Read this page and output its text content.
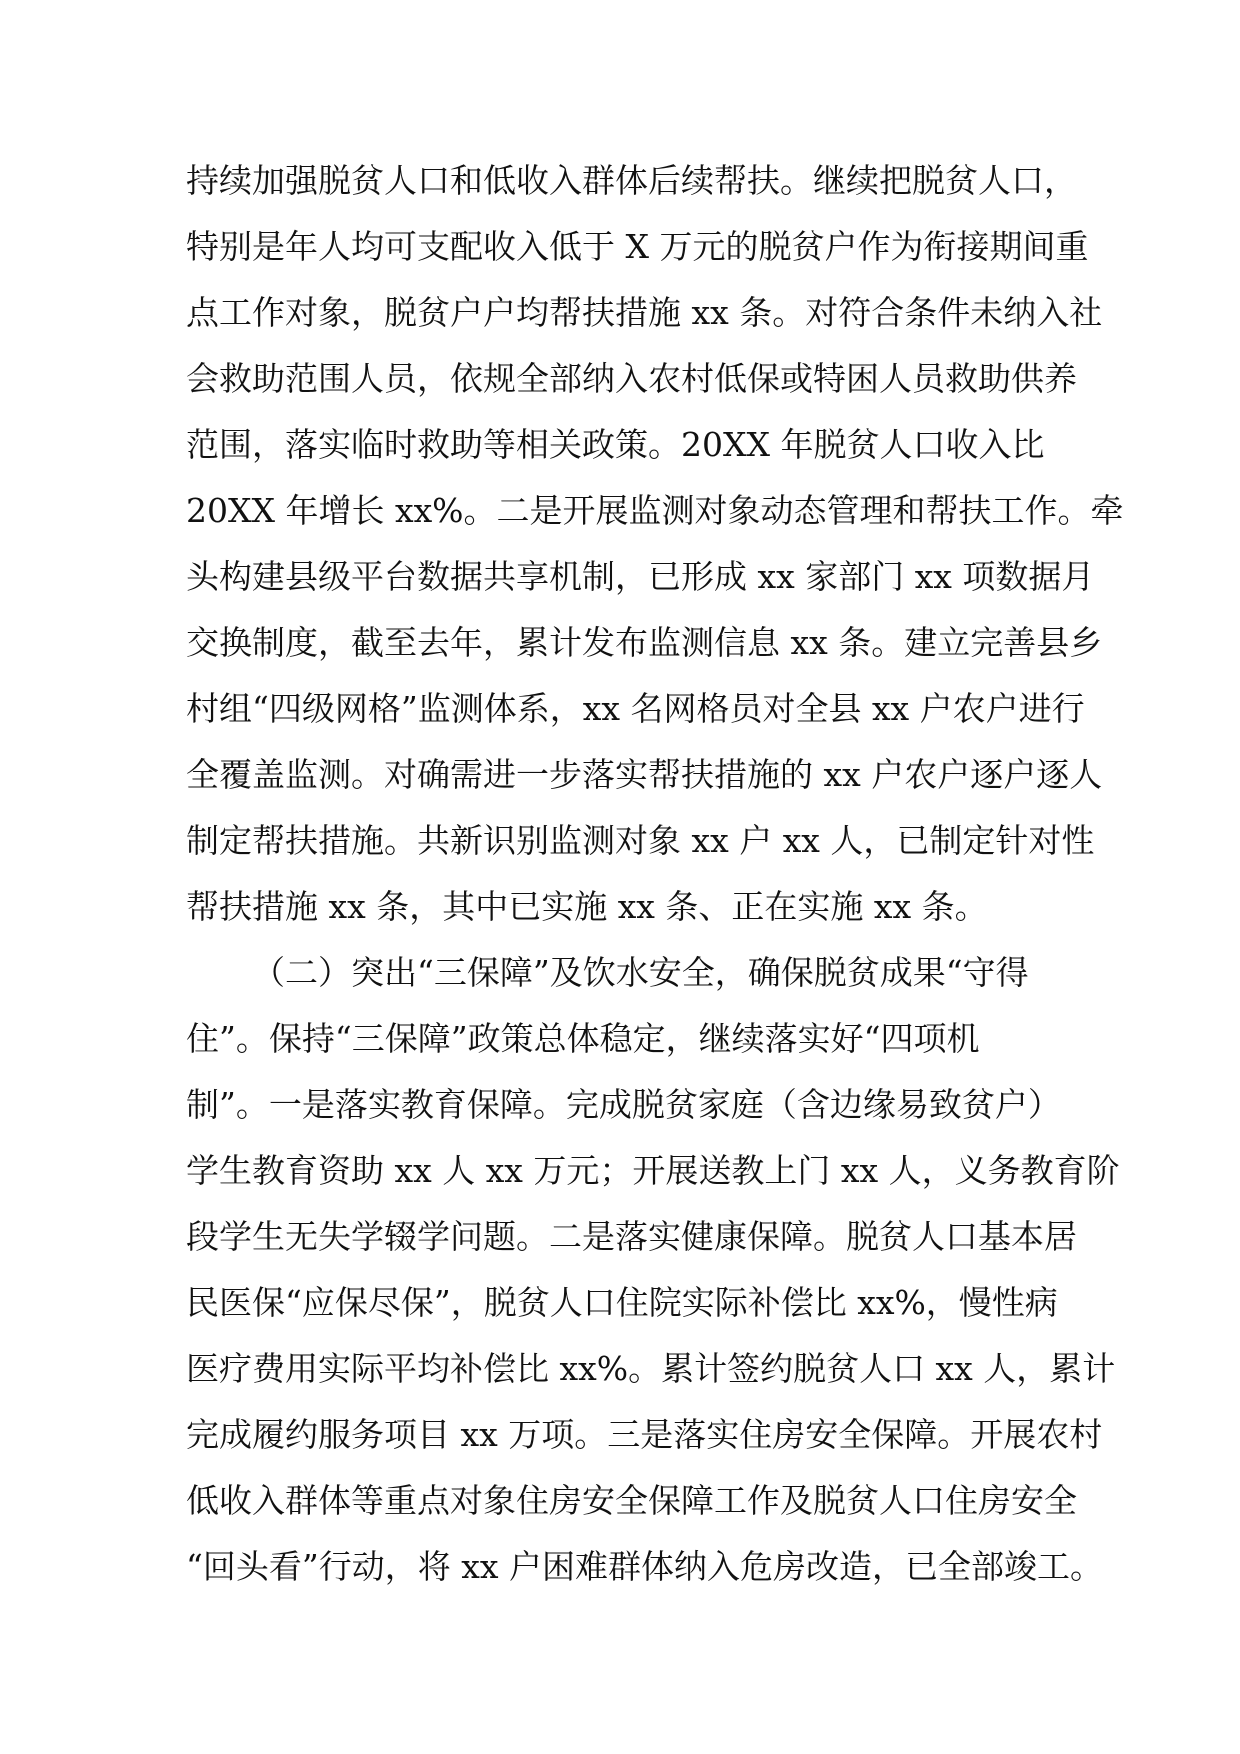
持续加强脱贫人口和低收入群体后续帮扶。继续把脱贫人口，
特别是年人均可支配收入低于 X 万元的脱贫户作为衔接期间重
点工作对象，脱贫户户均帮扶措施 xx 条。对符合条件未纳入社
会救助范围人员，依规全部纳入农村低保或特困人员救助供养
范围，落实临时救助等相关政策。20XX 年脱贫人口收入比
20XX 年增长 xx%。二是开展监测对象动态管理和帮扶工作。牵
头构建县级平台数据共享机制，已形成 xx 家部门 xx 项数据月
交换制度，截至去年，累计发布监测信息 xx 条。建立完善县乡
村组“四级网格”监测体系，xx 名网格员对全县 xx 户农户进行
全覆盖监测。对确需进一步落实帮扶措施的 xx 户农户逐户逐人
制定帮扶措施。共新识别监测对象 xx 户 xx 人，已制定针对性
帮扶措施 xx 条，其中已实施 xx 条、正在实施 xx 条。
（二）突出“三保障”及饮水安全，确保脱贫成果“守得
住”。保持“三保障”政策总体稳定，继续落实好“四项机
制”。一是落实教育保障。完成脱贫家庭（含边缘易致贫户）
学生教育资助 xx 人 xx 万元；开展送教上门 xx 人，义务教育阶
段学生无失学辍学问题。二是落实健康保障。脱贫人口基本居
民医保“应保尽保”，脱贫人口住院实际补偿比 xx%，慢性病
医疗费用实际平均补偿比 xx%。累计签约脱贫人口 xx 人，累计
完成履约服务项目 xx 万项。三是落实住房安全保障。开展农村
低收入群体等重点对象住房安全保障工作及脱贫人口住房安全
“回头看”行动，将 xx 户困难群体纳入危房改造，已全部竣工。
